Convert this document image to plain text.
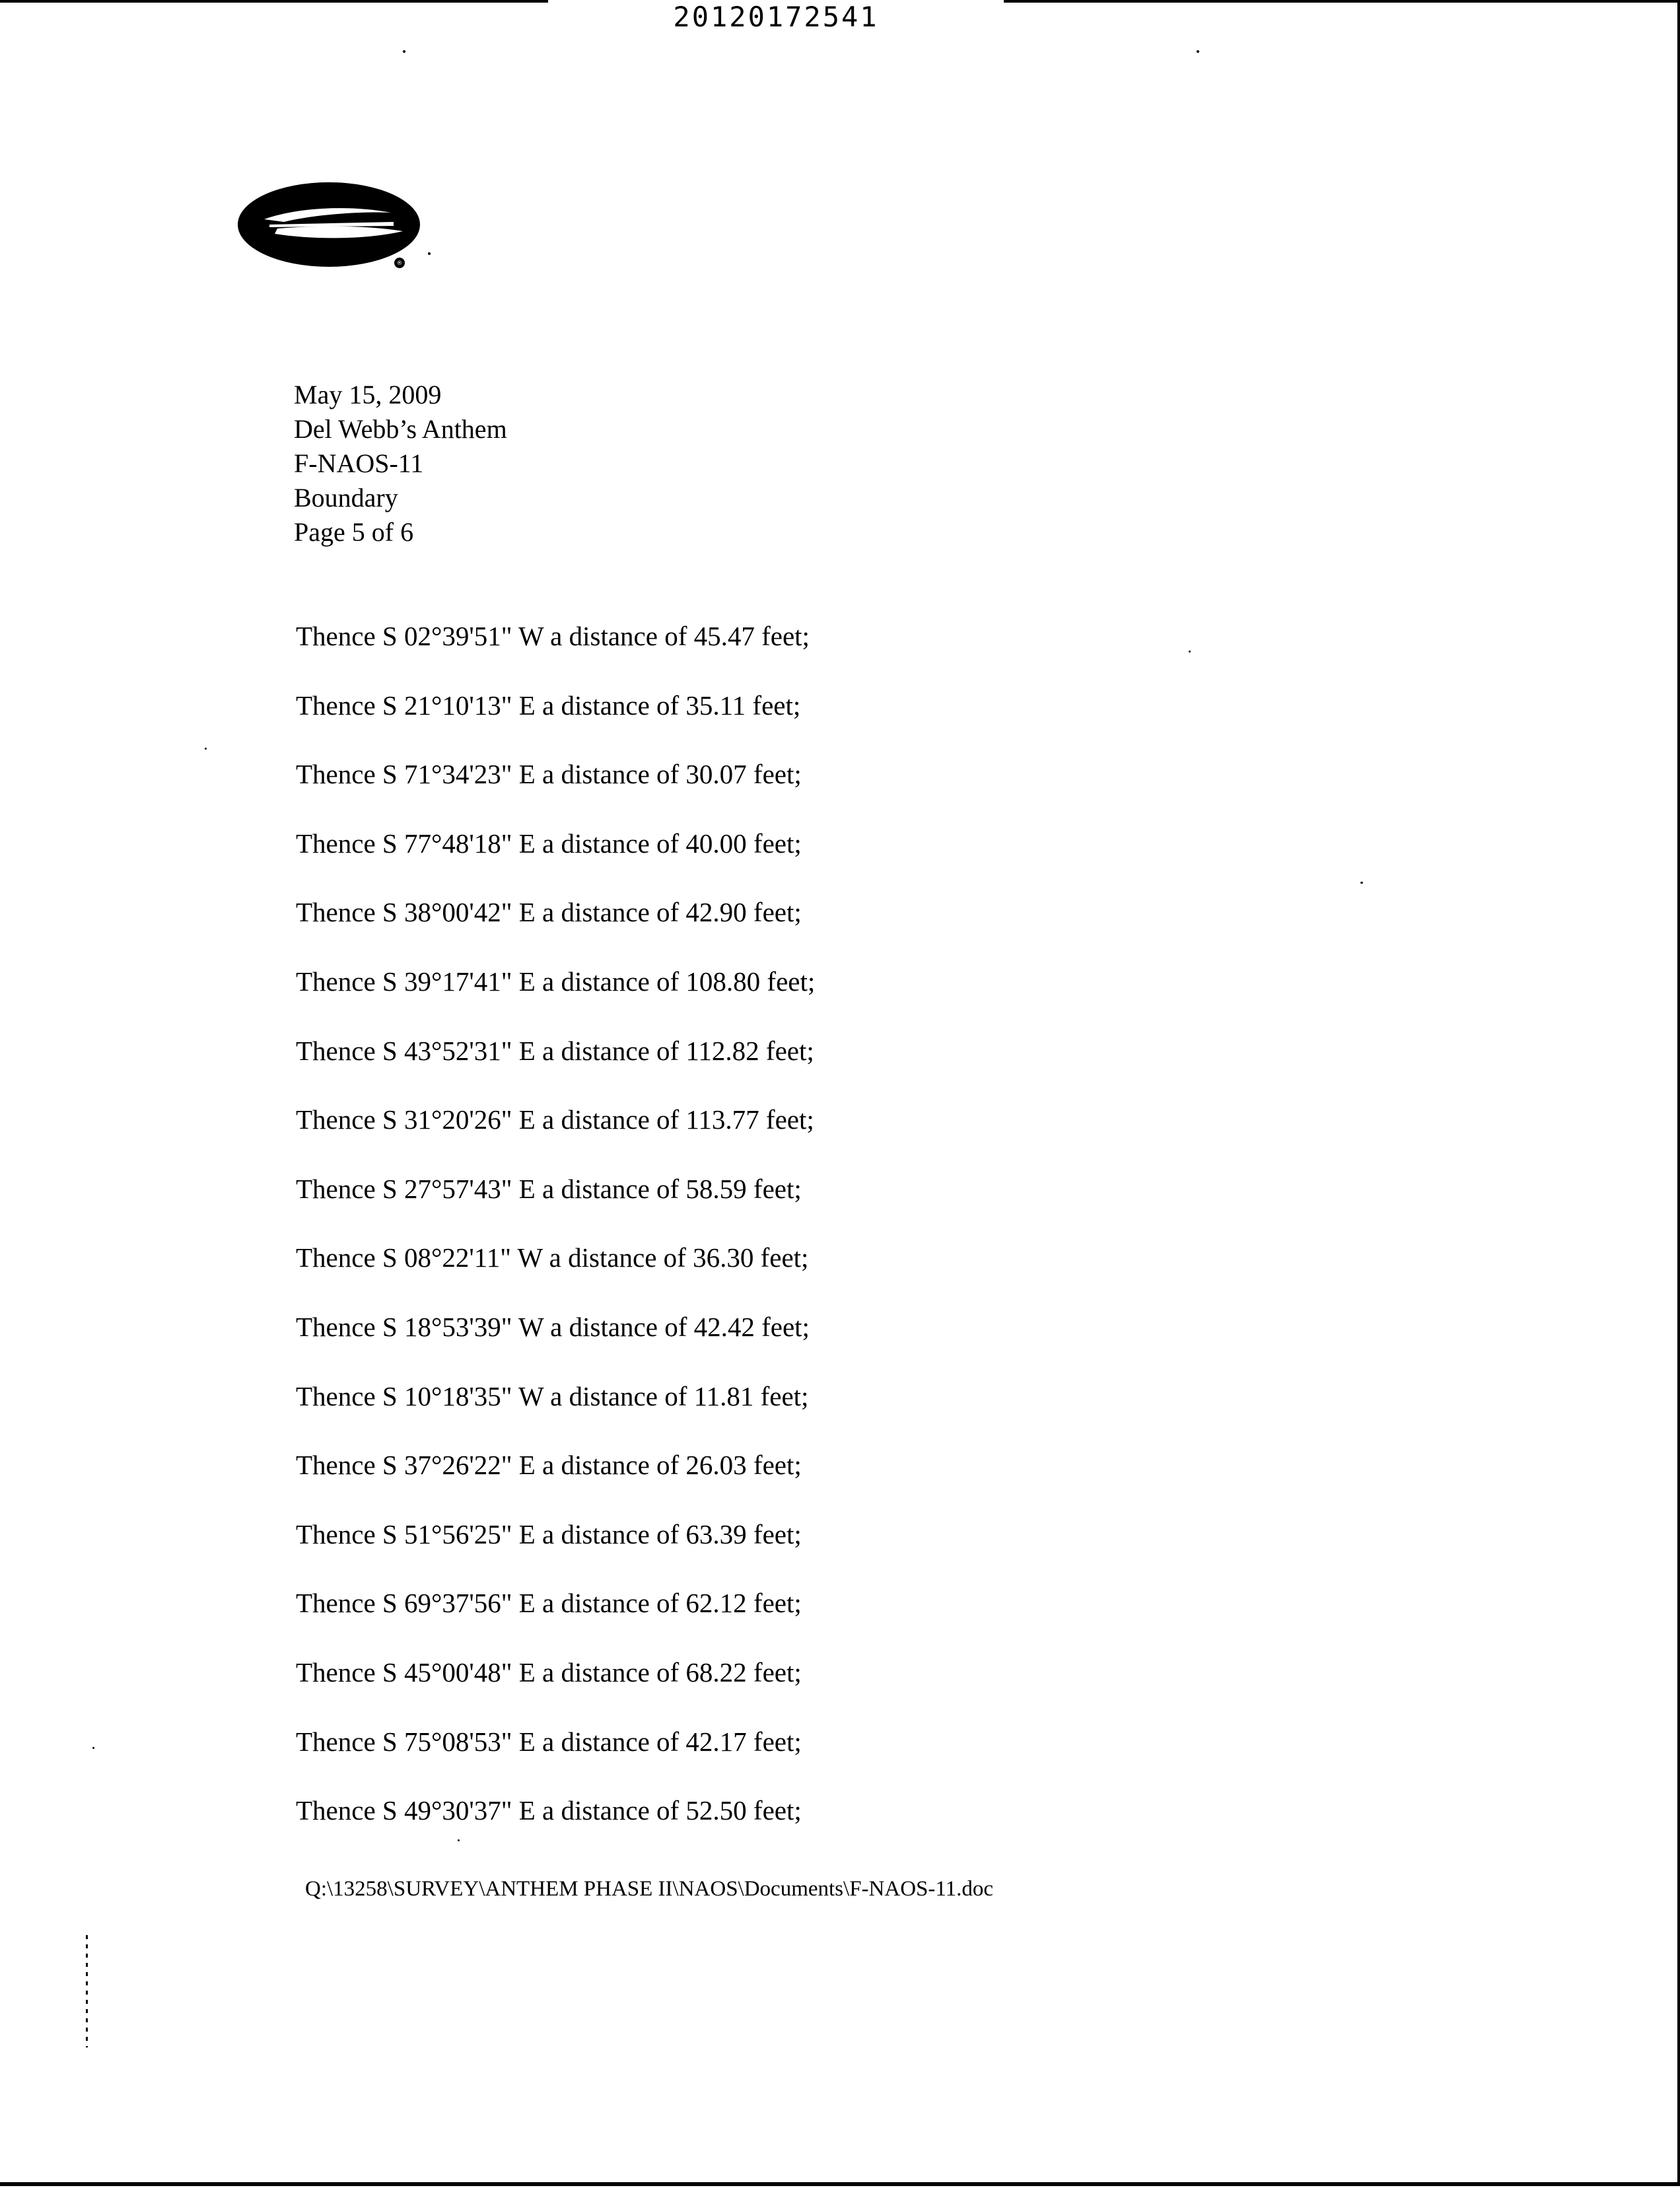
20120172541
®
May 15, 2009
Del Webb’s Anthem
F-NAOS-11
Boundary
Page 5 of 6
Thence S 02°39'51" W a distance of 45.47 feet;
Thence S 21°10'13" E a distance of 35.11 feet;
Thence S 71°34'23" E a distance of 30.07 feet;
Thence S 77°48'18" E a distance of 40.00 feet;
Thence S 38°00'42" E a distance of 42.90 feet;
Thence S 39°17'41" E a distance of 108.80 feet;
Thence S 43°52'31" E a distance of 112.82 feet;
Thence S 31°20'26" E a distance of 113.77 feet;
Thence S 27°57'43" E a distance of 58.59 feet;
Thence S 08°22'11" W a distance of 36.30 feet;
Thence S 18°53'39" W a distance of 42.42 feet;
Thence S 10°18'35" W a distance of 11.81 feet;
Thence S 37°26'22" E a distance of 26.03 feet;
Thence S 51°56'25" E a distance of 63.39 feet;
Thence S 69°37'56" E a distance of 62.12 feet;
Thence S 45°00'48" E a distance of 68.22 feet;
Thence S 75°08'53" E a distance of 42.17 feet;
Thence S 49°30'37" E a distance of 52.50 feet;
Q:\13258\SURVEY\ANTHEM PHASE II\NAOS\Documents\F-NAOS-11.doc
